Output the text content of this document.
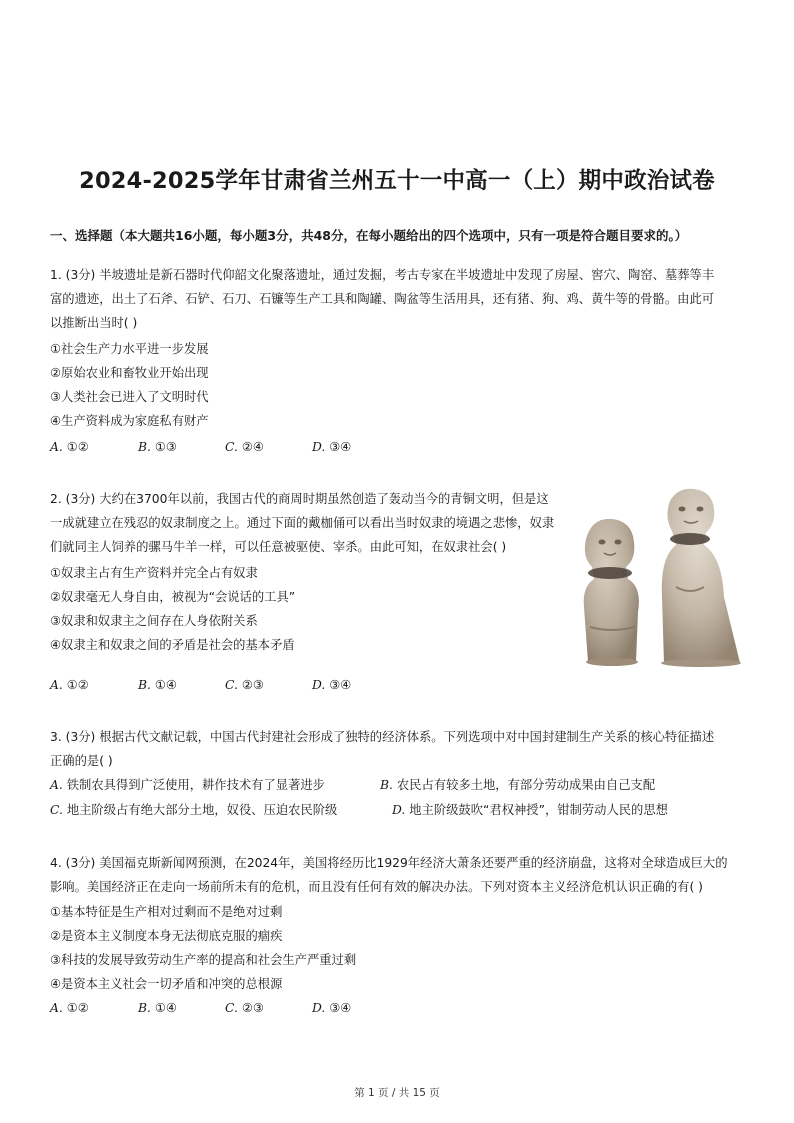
2024-2025学年甘肃省兰州五十一中高一（上）期中政治试卷
一、选择题（本大题共16小题，每小题3分，共48分，在每小题给出的四个选项中，只有一项是符合题目要求的。）
1. (3分) 半坡遗址是新石器时代仰韶文化聚落遗址，通过发掘，考古专家在半坡遗址中发现了房屋、窖穴、陶窑、墓葬等丰
富的遗迹，出土了石斧、石铲、石刀、石镰等生产工具和陶罐、陶盆等生活用具，还有猪、狗、鸡、黄牛等的骨骼。由此可
以推断出当时( )
①社会生产力水平进一步发展
②原始农业和畜牧业开始出现
③人类社会已进入了文明时代
④生产资料成为家庭私有财产
A. ①②	B. ①③	C. ②④	D. ③④
2. (3分) 大约在3700年以前，我国古代的商周时期虽然创造了轰动当今的青铜文明，但是这
一成就建立在残忍的奴隶制度之上。通过下面的戴枷俑可以看出当时奴隶的境遇之悲惨，奴隶
们就同主人饲养的骡马牛羊一样，可以任意被驱使、宰杀。由此可知，在奴隶社会( )
①奴隶主占有生产资料并完全占有奴隶
②奴隶毫无人身自由，被视为“会说话的工具”
③奴隶和奴隶主之间存在人身依附关系
④奴隶主和奴隶之间的矛盾是社会的基本矛盾
A. ①②	B. ①④	C. ②③	D. ③④
3. (3分) 根据古代文献记载，中国古代封建社会形成了独特的经济体系。下列选项中对中国封建制生产关系的核心特征描述
正确的是( )
A. 铁制农具得到广泛使用，耕作技术有了显著进步	B. 农民占有较多土地，有部分劳动成果由自己支配
C. 地主阶级占有绝大部分土地，奴役、压迫农民阶级	D. 地主阶级鼓吹“君权神授”，钳制劳动人民的思想
4. (3分) 美国福克斯新闻网预测，在2024年，美国将经历比1929年经济大萧条还要严重的经济崩盘，这将对全球造成巨大的
影响。美国经济正在走向一场前所未有的危机，而且没有任何有效的解决办法。下列对资本主义经济危机认识正确的有( )
①基本特征是生产相对过剩而不是绝对过剩
②是资本主义制度本身无法彻底克服的痼疾
③科技的发展导致劳动生产率的提高和社会生产严重过剩
④是资本主义社会一切矛盾和冲突的总根源
A. ①②	B. ①④	C. ②③	D. ③④
第 1 页 / 共 15 页
